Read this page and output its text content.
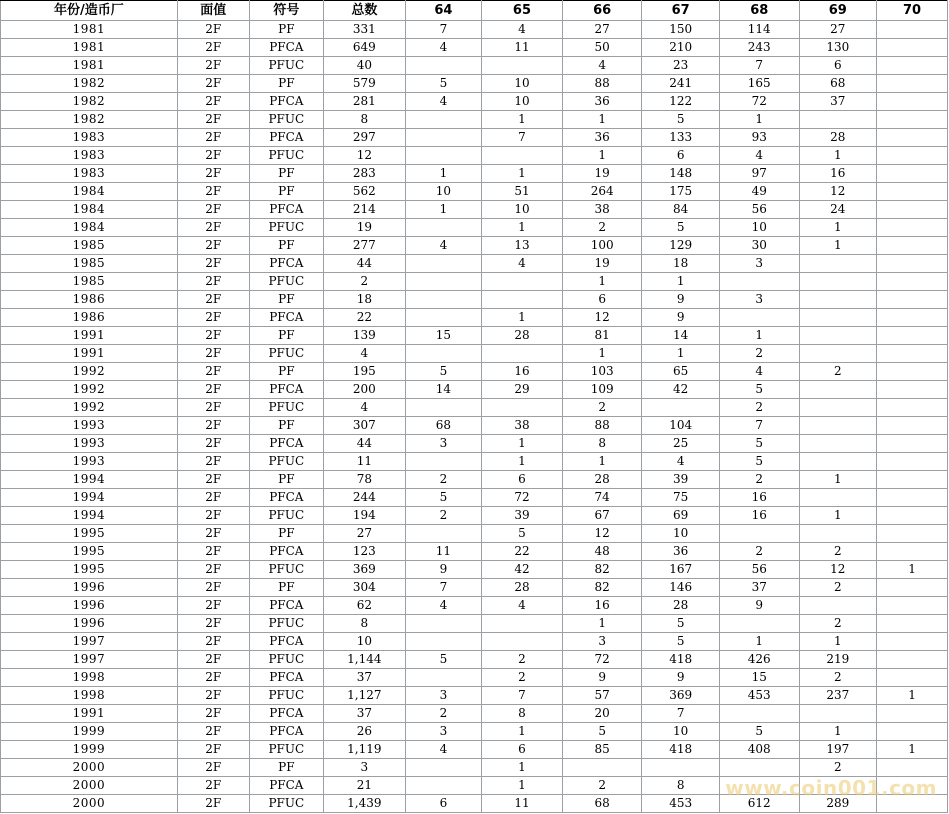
年份/造币厂	面值	符号	总数	64	65	66	67	68	69	70
1981	2F	PF	331	7	4	27	150	114	27	
1981	2F	PFCA	649	4	11	50	210	243	130	
1981	2F	PFUC	40			4	23	7	6	
1982	2F	PF	579	5	10	88	241	165	68	
1982	2F	PFCA	281	4	10	36	122	72	37	
1982	2F	PFUC	8		1	1	5	1		
1983	2F	PFCA	297		7	36	133	93	28	
1983	2F	PFUC	12			1	6	4	1	
1983	2F	PF	283	1	1	19	148	97	16	
1984	2F	PF	562	10	51	264	175	49	12	
1984	2F	PFCA	214	1	10	38	84	56	24	
1984	2F	PFUC	19		1	2	5	10	1	
1985	2F	PF	277	4	13	100	129	30	1	
1985	2F	PFCA	44		4	19	18	3		
1985	2F	PFUC	2			1	1			
1986	2F	PF	18			6	9	3		
1986	2F	PFCA	22		1	12	9			
1991	2F	PF	139	15	28	81	14	1		
1991	2F	PFUC	4			1	1	2		
1992	2F	PF	195	5	16	103	65	4	2	
1992	2F	PFCA	200	14	29	109	42	5		
1992	2F	PFUC	4			2		2		
1993	2F	PF	307	68	38	88	104	7		
1993	2F	PFCA	44	3	1	8	25	5		
1993	2F	PFUC	11		1	1	4	5		
1994	2F	PF	78	2	6	28	39	2	1	
1994	2F	PFCA	244	5	72	74	75	16		
1994	2F	PFUC	194	2	39	67	69	16	1	
1995	2F	PF	27		5	12	10			
1995	2F	PFCA	123	11	22	48	36	2	2	
1995	2F	PFUC	369	9	42	82	167	56	12	1
1996	2F	PF	304	7	28	82	146	37	2	
1996	2F	PFCA	62	4	4	16	28	9		
1996	2F	PFUC	8			1	5		2	
1997	2F	PFCA	10			3	5	1	1	
1997	2F	PFUC	1,144	5	2	72	418	426	219	
1998	2F	PFCA	37		2	9	9	15	2	
1998	2F	PFUC	1,127	3	7	57	369	453	237	1
1991	2F	PFCA	37	2	8	20	7			
1999	2F	PFCA	26	3	1	5	10	5	1	
1999	2F	PFUC	1,119	4	6	85	418	408	197	1
2000	2F	PF	3		1				2	
2000	2F	PFCA	21		1	2	8			
2000	2F	PFUC	1,439	6	11	68	453	612	289	
www.coin001.com
